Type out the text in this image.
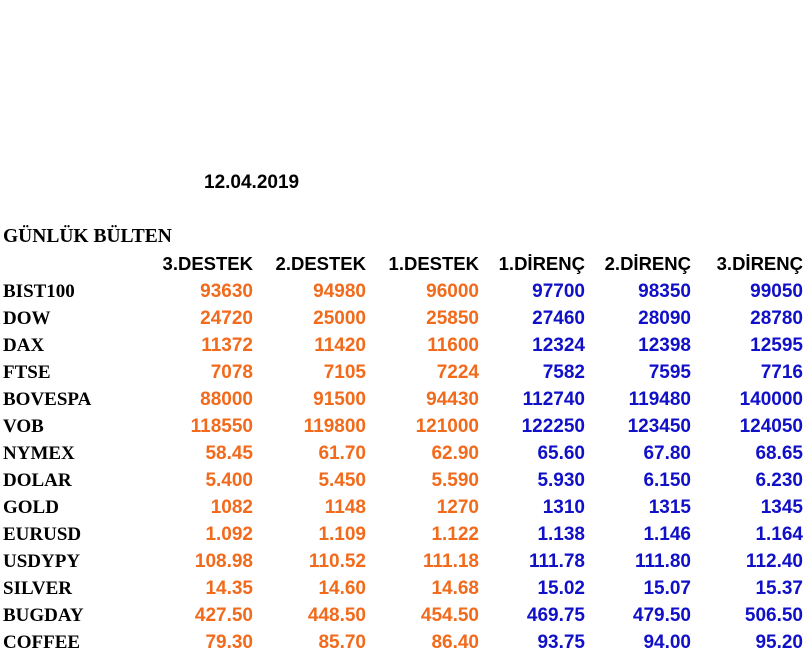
12.04.2019
GÜNLÜK BÜLTEN
3.DESTEK	2.DESTEK	1.DESTEK	1.DİRENÇ	2.DİRENÇ	3.DİRENÇ
BIST100	93630	94980	96000	97700	98350	99050
DOW	24720	25000	25850	27460	28090	28780
DAX	11372	11420	11600	12324	12398	12595
FTSE	7078	7105	7224	7582	7595	7716
BOVESPA	88000	91500	94430	112740	119480	140000
VOB	118550	119800	121000	122250	123450	124050
NYMEX	58.45	61.70	62.90	65.60	67.80	68.65
DOLAR	5.400	5.450	5.590	5.930	6.150	6.230
GOLD	1082	1148	1270	1310	1315	1345
EURUSD	1.092	1.109	1.122	1.138	1.146	1.164
USDYPY	108.98	110.52	111.18	111.78	111.80	112.40
SILVER	14.35	14.60	14.68	15.02	15.07	15.37
BUGDAY	427.50	448.50	454.50	469.75	479.50	506.50
COFFEE	79.30	85.70	86.40	93.75	94.00	95.20
